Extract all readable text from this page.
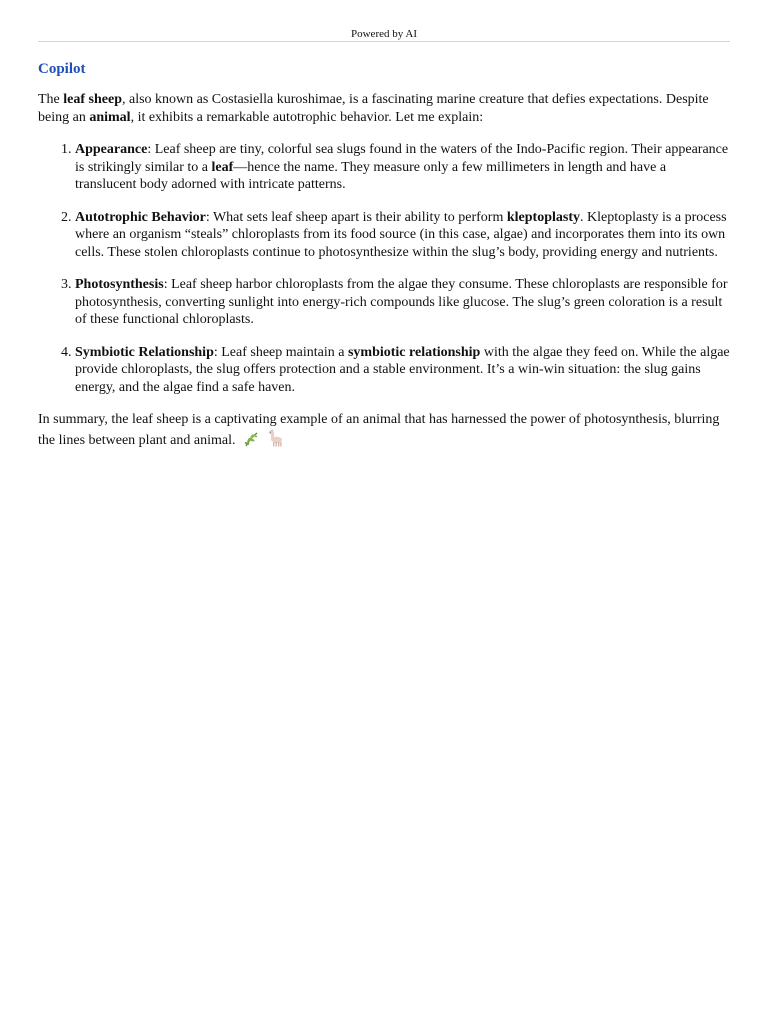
Powered by AI
Copilot
The leaf sheep, also known as Costasiella kuroshimae, is a fascinating marine creature that defies expectations. Despite being an animal, it exhibits a remarkable autotrophic behavior. Let me explain:
1. Appearance: Leaf sheep are tiny, colorful sea slugs found in the waters of the Indo-Pacific region. Their appearance is strikingly similar to a leaf—hence the name. They measure only a few millimeters in length and have a translucent body adorned with intricate patterns.
2. Autotrophic Behavior: What sets leaf sheep apart is their ability to perform kleptoplasty. Kleptoplasty is a process where an organism “steals” chloroplasts from its food source (in this case, algae) and incorporates them into its own cells. These stolen chloroplasts continue to photosynthesize within the slug’s body, providing energy and nutrients.
3. Photosynthesis: Leaf sheep harbor chloroplasts from the algae they consume. These chloroplasts are responsible for photosynthesis, converting sunlight into energy-rich compounds like glucose. The slug’s green coloration is a result of these functional chloroplasts.
4. Symbiotic Relationship: Leaf sheep maintain a symbiotic relationship with the algae they feed on. While the algae provide chloroplasts, the slug offers protection and a stable environment. It’s a win-win situation: the slug gains energy, and the algae find a safe haven.
In summary, the leaf sheep is a captivating example of an animal that has harnessed the power of photosynthesis, blurring the lines between plant and animal.
